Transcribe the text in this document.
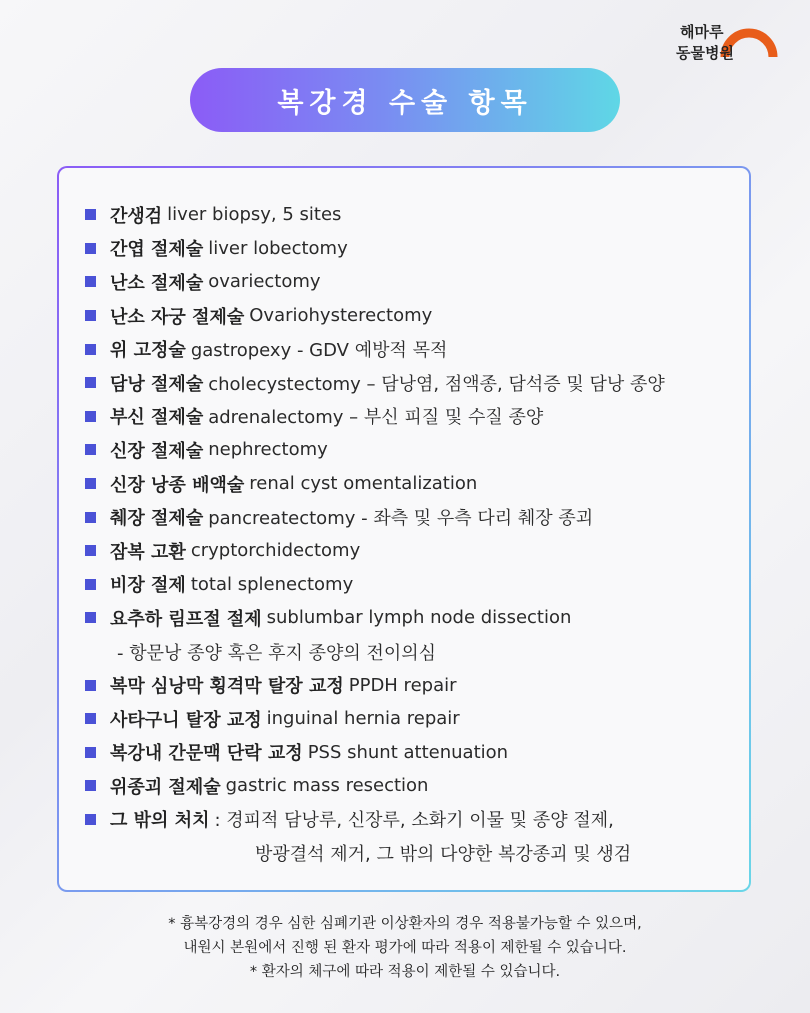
해마루
동물병원
복강경 수술 항목
간생검 liver biopsy, 5 sites
간엽 절제술 liver lobectomy
난소 절제술 ovariectomy
난소 자궁 절제술 Ovariohysterectomy
위 고정술 gastropexy - GDV 예방적 목적
담낭 절제술 cholecystectomy – 담낭염, 점액종, 담석증 및 담낭 종양
부신 절제술 adrenalectomy – 부신 피질 및 수질 종양
신장 절제술 nephrectomy
신장 낭종 배액술 renal cyst omentalization
췌장 절제술 pancreatectomy - 좌측 및 우측 다리 췌장 종괴
잠복 고환 cryptorchidectomy
비장 절제 total splenectomy
요추하 림프절 절제 sublumbar lymph node dissection
- 항문낭 종양 혹은 후지 종양의 전이의심
복막 심낭막 횡격막 탈장 교정 PPDH repair
사타구니 탈장 교정 inguinal hernia repair
복강내 간문맥 단락 교정 PSS shunt attenuation
위종괴 절제술 gastric mass resection
그 밖의 처치 : 경피적 담낭루, 신장루, 소화기 이물 및 종양 절제,
방광결석 제거, 그 밖의 다양한 복강종괴 및 생검
* 흉복강경의 경우 심한 심폐기관 이상환자의 경우 적용불가능할 수 있으며,
내원시 본원에서 진행 된 환자 평가에 따라 적용이 제한될 수 있습니다.
* 환자의 체구에 따라 적용이 제한될 수 있습니다.
